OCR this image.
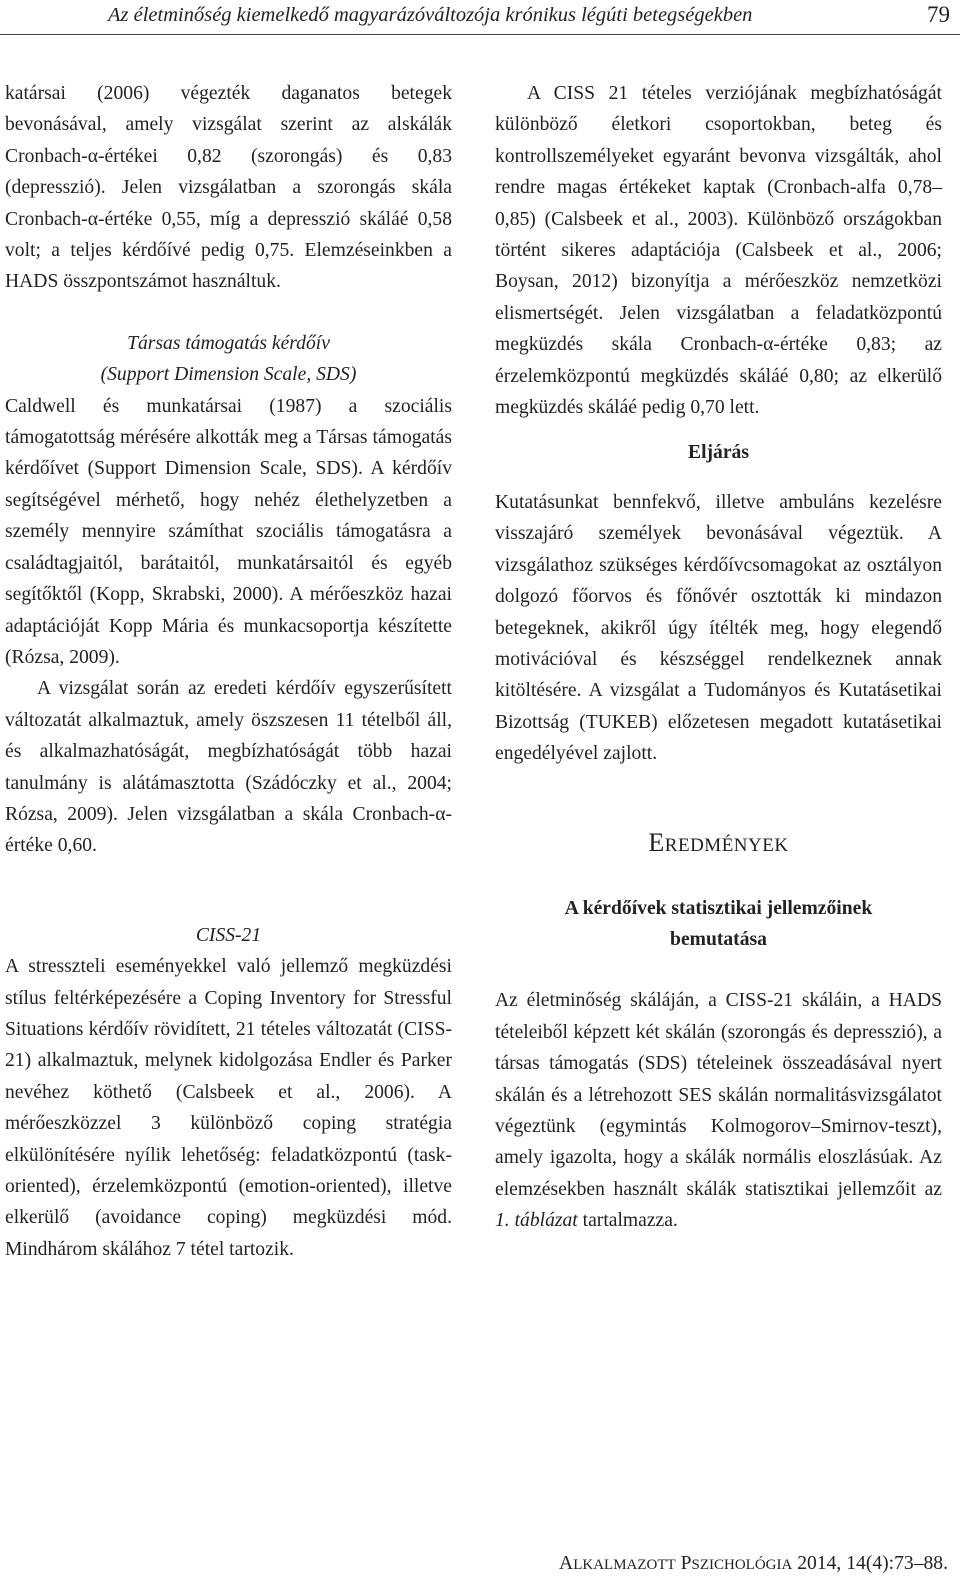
Az életminőség kiemelkedő magyarázóváltozója krónikus légúti betegségekben	79

katársai (2006) végezték daganatos betegek bevonásával, amely vizsgálat szerint az alskálák Cronbach-α-értékei 0,82 (szorongás) és 0,83 (depresszió). Jelen vizsgálatban a szorongás skála Cronbach-α-értéke 0,55, míg a depresszió skáláé 0,58 volt; a teljes kérdőívé pedig 0,75. Elemzéseinkben a HADS összpontszámot használtuk.

Társas támogatás kérdőív

(Support Dimension Scale, SDS)

Caldwell és munkatársai (1987) a szociális támogatottság mérésére alkották meg a Társas támogatás kérdőívet (Support Dimension Scale, SDS). A kérdőív segítségével mérhető, hogy nehéz élethelyzetben a személy mennyire számíthat szociális támogatásra a családtagjaitól, barátaitól, munkatársaitól és egyéb segítőktől (Kopp, Skrabski, 2000). A mérőeszköz hazai adaptációját Kopp Mária és munkacsoportja készítette (Rózsa, 2009).

A vizsgálat során az eredeti kérdőív egyszerűsített változatát alkalmaztuk, amely öszszesen 11 tételből áll, és alkalmazhatóságát, megbízhatóságát több hazai tanulmány is alátámasztotta (Szádóczky et al., 2004; Rózsa, 2009). Jelen vizsgálatban a skála Cronbach-α-értéke 0,60.

CISS-21

A stresszteli eseményekkel való jellemző megküzdési stílus feltérképezésére a Coping Inventory for Stressful Situations kérdőív rövidített, 21 tételes változatát (CISS-21) alkalmaztuk, melynek kidolgozása Endler és Parker nevéhez köthető (Calsbeek et al., 2006). A mérőeszközzel 3 különböző coping stratégia elkülönítésére nyílik lehetőség: feladatközpontú (task-oriented), érzelemközpontú (emotion-oriented), illetve elkerülő (avoidance coping) megküzdési mód. Mindhárom skálához 7 tétel tartozik.

A CISS 21 tételes verziójának megbízhatóságát különböző életkori csoportokban, beteg és kontrollszemélyeket egyaránt bevonva vizsgálták, ahol rendre magas értékeket kaptak (Cronbach-alfa 0,78–0,85) (Calsbeek et al., 2003). Különböző országokban történt sikeres adaptációja (Calsbeek et al., 2006; Boysan, 2012) bizonyítja a mérőeszköz nemzetközi elismertségét. Jelen vizsgálatban a feladatközpontú megküzdés skála Cronbach-α-értéke 0,83; az érzelemközpontú megküzdés skáláé 0,80; az elkerülő megküzdés skáláé pedig 0,70 lett.

Eljárás

Kutatásunkat bennfekvő, illetve ambuláns kezelésre visszajáró személyek bevonásával végeztük. A vizsgálathoz szükséges kérdőívcsomagokat az osztályon dolgozó főorvos és főnővér osztották ki mindazon betegeknek, akikről úgy ítélték meg, hogy elegendő motivációval és készséggel rendelkeznek annak kitöltésére. A vizsgálat a Tudományos és Kutatásetikai Bizottság (TUKEB) előzetesen megadott kutatásetikai engedélyével zajlott.

EREDMÉNYEK

A kérdőívek statisztikai jellemzőinek

bemutatása

Az életminőség skáláján, a CISS-21 skáláin, a HADS tételeiből képzett két skálán (szorongás és depresszió), a társas támogatás (SDS) tételeinek összeadásával nyert skálán és a létrehozott SES skálán normalitásvizsgálatot végeztünk (egymintás Kolmogorov–Smirnov-teszt), amely igazolta, hogy a skálák normális eloszlásúak. Az elemzésekben használt skálák statisztikai jellemzőit az 1. táblázat tartalmazza.

ALKALMAZOTT PSZICHOLÓGIA 2014, 14(4):73–88.
